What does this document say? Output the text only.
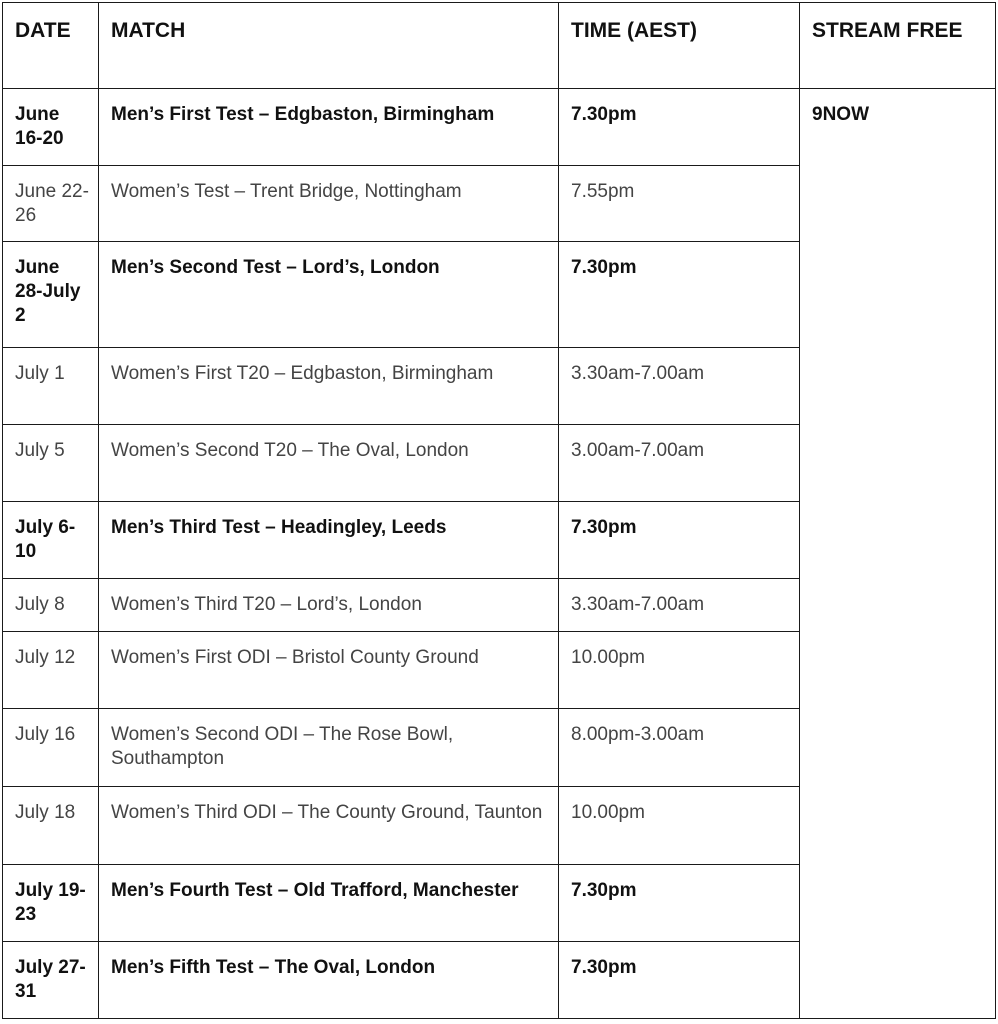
DATE	MATCH	TIME (AEST)	STREAM FREE
June 16-20	Men’s First Test – Edgbaston, Birmingham	7.30pm	9NOW
June 22-26	Women’s Test – Trent Bridge, Nottingham	7.55pm	
June 28-July 2	Men’s Second Test – Lord’s, London	7.30pm	
July 1	Women’s First T20 – Edgbaston, Birmingham	3.30am-7.00am	
July 5	Women’s Second T20 – The Oval, London	3.00am-7.00am	
July 6-10	Men’s Third Test – Headingley, Leeds	7.30pm	
July 8	Women’s Third T20 – Lord’s, London	3.30am-7.00am	
July 12	Women’s First ODI – Bristol County Ground	10.00pm	
July 16	Women’s Second ODI – The Rose Bowl, Southampton	8.00pm-3.00am	
July 18	Women’s Third ODI – The County Ground, Taunton	10.00pm	
July 19-23	Men’s Fourth Test – Old Trafford, Manchester	7.30pm	
July 27-31	Men’s Fifth Test – The Oval, London	7.30pm	
